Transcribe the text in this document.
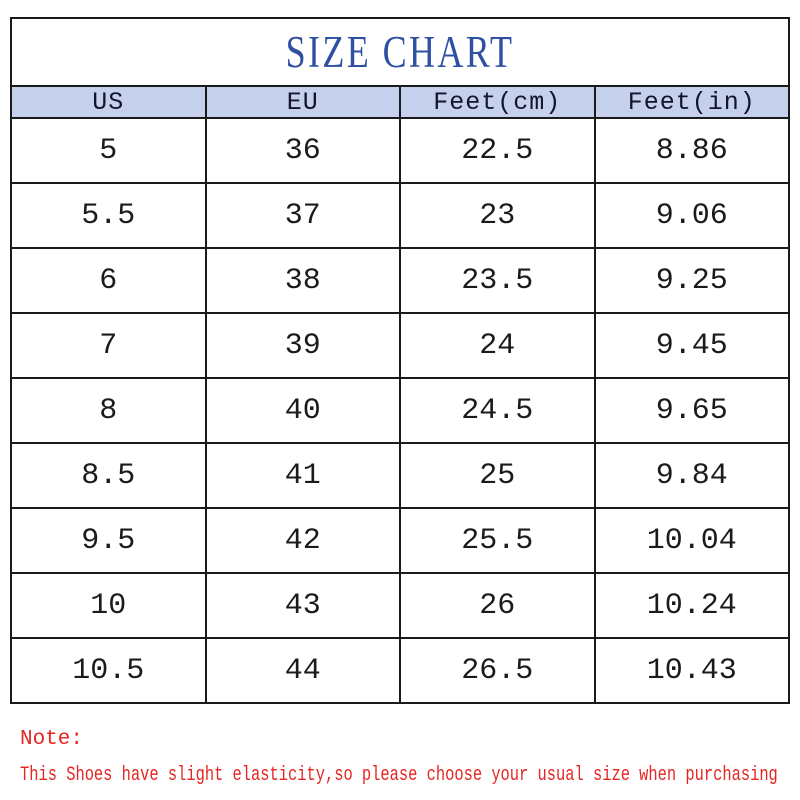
SIZE CHART			
US	EU	Feet(cm)	Feet(in)
5	36	22.5	8.86
5.5	37	23	9.06
6	38	23.5	9.25
7	39	24	9.45
8	40	24.5	9.65
8.5	41	25	9.84
9.5	42	25.5	10.04
10	43	26	10.24
10.5	44	26.5	10.43
Note:
This Shoes have slight elasticity,so please choose your usual size when purchasing
